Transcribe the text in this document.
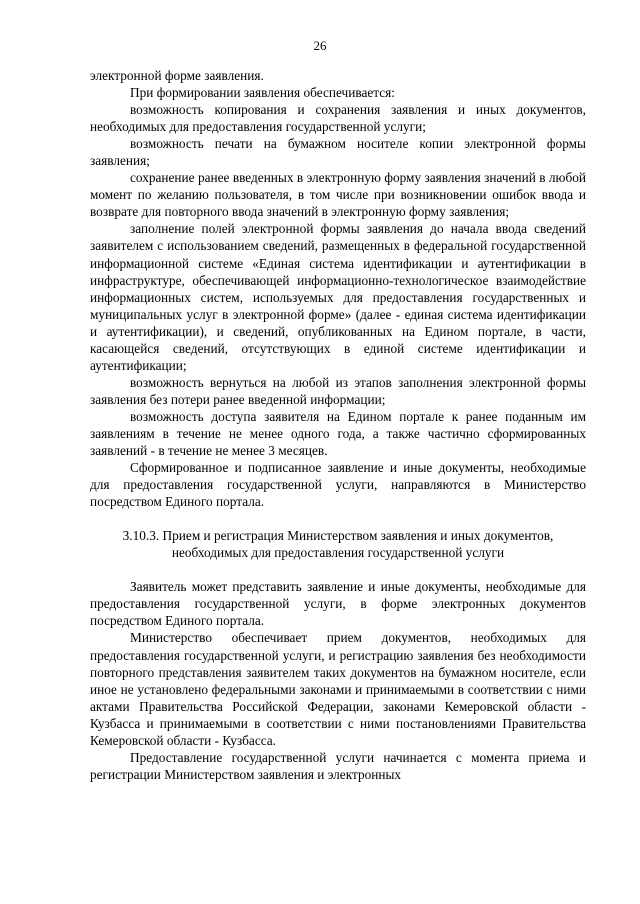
26

электронной форме заявления.

При формировании заявления обеспечивается:

возможность копирования и сохранения заявления и иных документов, необходимых для предоставления государственной услуги;

возможность печати на бумажном носителе копии электронной формы заявления;

сохранение ранее введенных в электронную форму заявления значений в любой момент по желанию пользователя, в том числе при возникновении ошибок ввода и возврате для повторного ввода значений в электронную форму заявления;

заполнение полей электронной формы заявления до начала ввода сведений заявителем с использованием сведений, размещенных в федеральной государственной информационной системе «Единая система идентификации и аутентификации в инфраструктуре, обеспечивающей информационно-технологическое взаимодействие информационных систем, используемых для предоставления государственных и муниципальных услуг в электронной форме» (далее - единая система идентификации и аутентификации), и сведений, опубликованных на Едином портале, в части, касающейся сведений, отсутствующих в единой системе идентификации и аутентификации;

возможность вернуться на любой из этапов заполнения электронной формы заявления без потери ранее введенной информации;

возможность доступа заявителя на Едином портале к ранее поданным им заявлениям в течение не менее одного года, а также частично сформированных заявлений - в течение не менее 3 месяцев.

Сформированное и подписанное заявление и иные документы, необходимые для предоставления государственной услуги, направляются в Министерство посредством Единого портала.

3.10.3. Прием и регистрация Министерством заявления и иных документов, необходимых для предоставления государственной услуги

Заявитель может представить заявление и иные документы, необходимые для предоставления государственной услуги, в форме электронных документов посредством Единого портала.

Министерство обеспечивает прием документов, необходимых для предоставления государственной услуги, и регистрацию заявления без необходимости повторного представления заявителем таких документов на бумажном носителе, если иное не установлено федеральными законами и принимаемыми в соответствии с ними актами Правительства Российской Федерации, законами Кемеровской области - Кузбасса и принимаемыми в соответствии с ними постановлениями Правительства Кемеровской области - Кузбасса.

Предоставление государственной услуги начинается с момента приема и регистрации Министерством заявления и электронных
